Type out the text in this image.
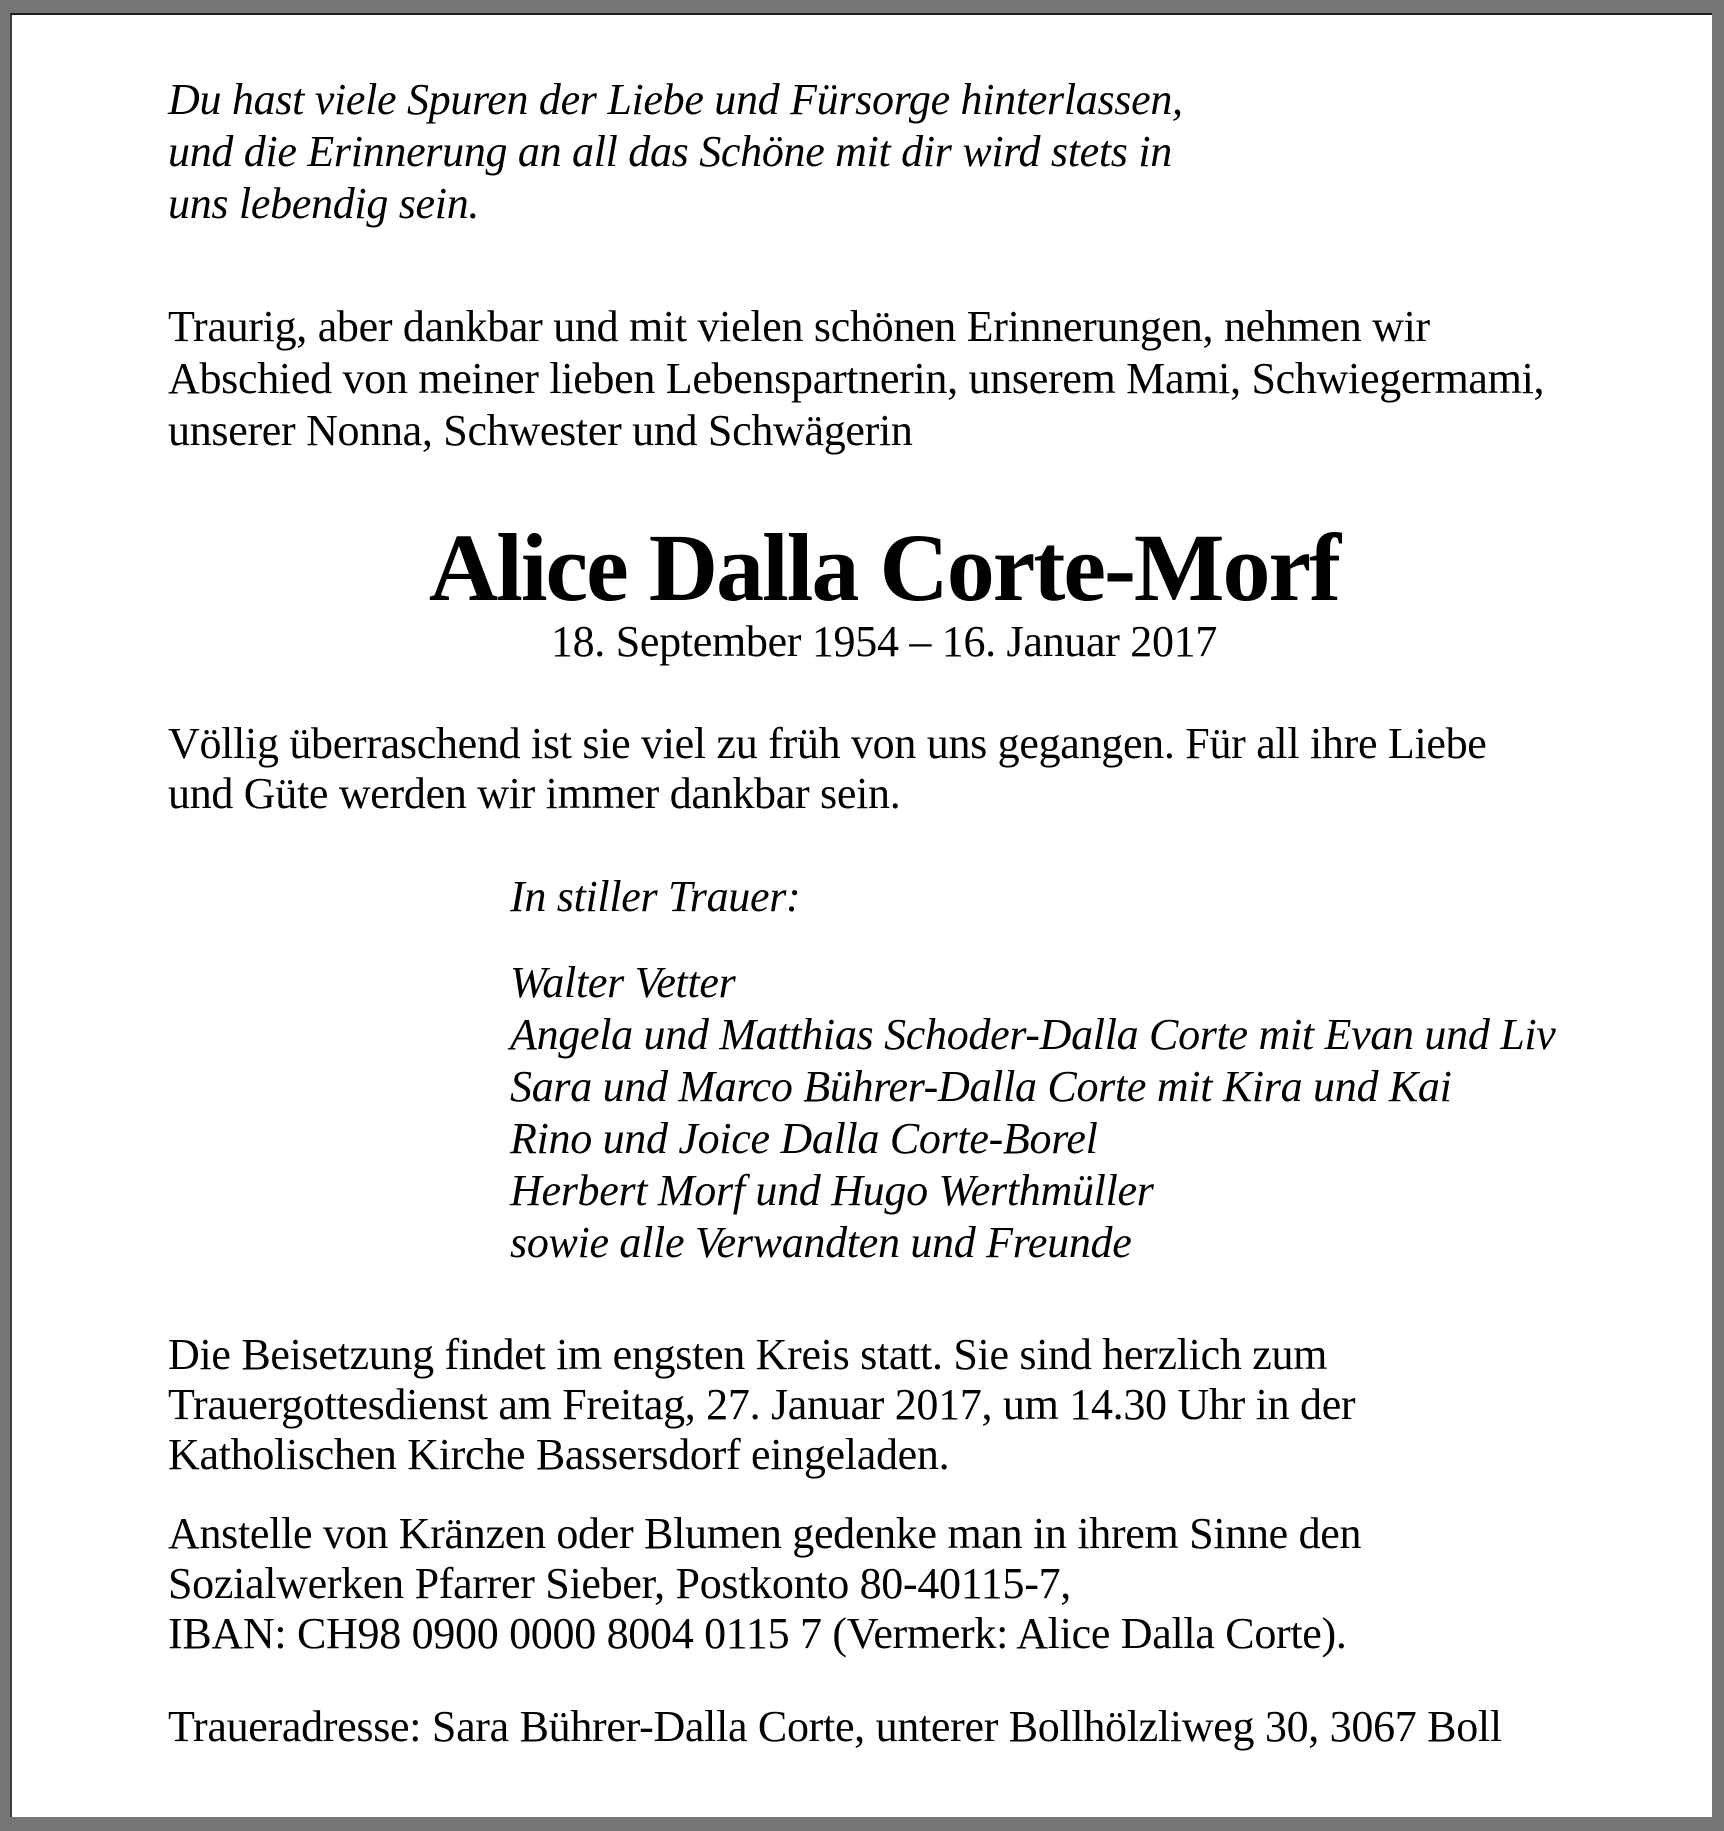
Du hast viele Spuren der Liebe und Fürsorge hinterlassen,
und die Erinnerung an all das Schöne mit dir wird stets in
uns lebendig sein.
Traurig, aber dankbar und mit vielen schönen Erinnerungen, nehmen wir
Abschied von meiner lieben Lebenspartnerin, unserem Mami, Schwiegermami,
unserer Nonna, Schwester und Schwägerin
Alice Dalla Corte-Morf
18. September 1954 – 16. Januar 2017
Völlig überraschend ist sie viel zu früh von uns gegangen. Für all ihre Liebe
und Güte werden wir immer dankbar sein.
In stiller Trauer:
Walter Vetter
Angela und Matthias Schoder-Dalla Corte mit Evan und Liv
Sara und Marco Bührer-Dalla Corte mit Kira und Kai
Rino und Joice Dalla Corte-Borel
Herbert Morf und Hugo Werthmüller
sowie alle Verwandten und Freunde
Die Beisetzung findet im engsten Kreis statt. Sie sind herzlich zum
Trauergottesdienst am Freitag, 27. Januar 2017, um 14.30 Uhr in der
Katholischen Kirche Bassersdorf eingeladen.
Anstelle von Kränzen oder Blumen gedenke man in ihrem Sinne den
Sozialwerken Pfarrer Sieber, Postkonto 80-40115-7,
IBAN: CH98 0900 0000 8004 0115 7 (Vermerk: Alice Dalla Corte).
Traueradresse: Sara Bührer-Dalla Corte, unterer Bollhölzliweg 30, 3067 Boll
